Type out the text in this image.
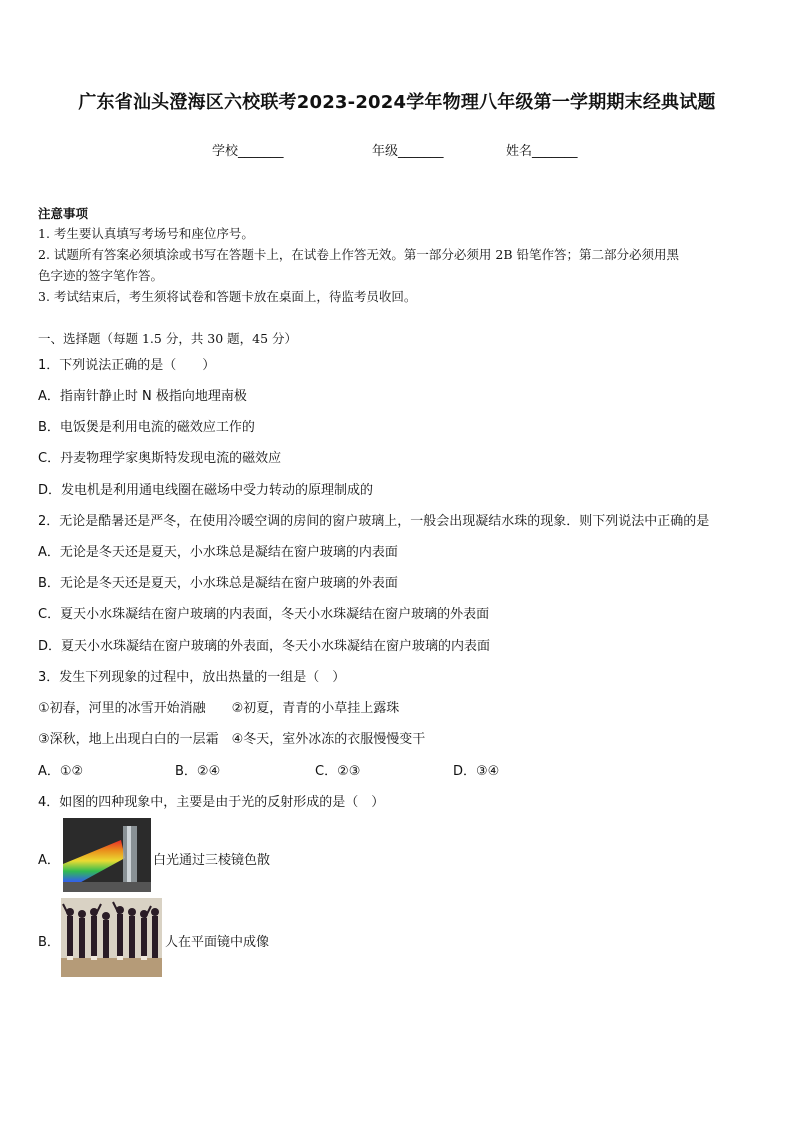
广东省汕头澄海区六校联考2023-2024学年物理八年级第一学期期末经典试题
学校_______	年级_______	姓名_______
注意事项
1. 考生要认真填写考场号和座位序号。
2. 试题所有答案必须填涂或书写在答题卡上，在试卷上作答无效。第一部分必须用 2B 铅笔作答；第二部分必须用黑
色字迹的签字笔作答。
3. 考试结束后，考生须将试卷和答题卡放在桌面上，待监考员收回。
一、选择题（每题 1.5 分，共 30 题，45 分）
1．下列说法正确的是（　　）
A．指南针静止时 N 极指向地理南极
B．电饭煲是利用电流的磁效应工作的
C．丹麦物理学家奥斯特发现电流的磁效应
D．发电机是利用通电线圈在磁场中受力转动的原理制成的
2．无论是酷暑还是严冬，在使用冷暖空调的房间的窗户玻璃上，一般会出现凝结水珠的现象．则下列说法中正确的是
A．无论是冬天还是夏天，小水珠总是凝结在窗户玻璃的内表面
B．无论是冬天还是夏天，小水珠总是凝结在窗户玻璃的外表面
C．夏天小水珠凝结在窗户玻璃的内表面，冬天小水珠凝结在窗户玻璃的外表面
D．夏天小水珠凝结在窗户玻璃的外表面，冬天小水珠凝结在窗户玻璃的内表面
3．发生下列现象的过程中，放出热量的一组是（　）
①初春，河里的冰雪开始消融　　②初夏，青青的小草挂上露珠
③深秋，地上出现白白的一层霜　④冬天，室外冰冻的衣服慢慢变干
A．①②	B．②④	C．②③	D．③④
4．如图的四种现象中，主要是由于光的反射形成的是（　）
A．	白光通过三棱镜色散
B．	人在平面镜中成像
